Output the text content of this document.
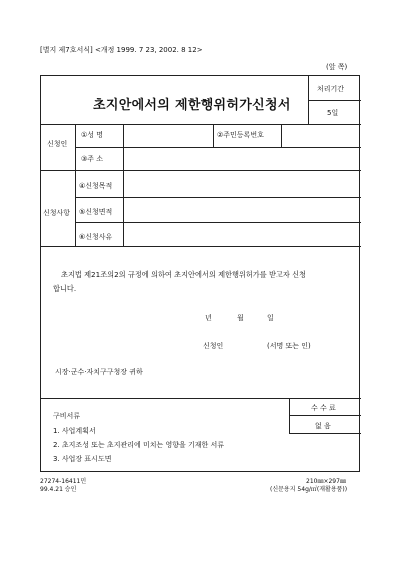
[별지 제7호서식] <개정 1999. 7 23, 2002. 8 12>
(앞 쪽)
초지안에서의 제한행위허가신청서
처리기간
5일
신청인
①성 명	②주민등록번호
③주 소
신청사항
④신청목적
⑤신청면적
⑥신청사유
초지법 제21조의2의 규정에 의하여 초지안에서의 제한행위허가를 받고자 신청
합니다.
년	월	일
신청인	(서명 또는 인)
시장·군수·자치구구청장 귀하
구비서류
1. 사업계획서
2. 초지조성 또는 초지관리에 미치는 영향을 기재한 서류
3. 사업장 표시도면
수 수 료
없 음
27274-16411민
99.4.21 승인
210㎜×297㎜
(신문용지 54g/㎡(재활용품))
